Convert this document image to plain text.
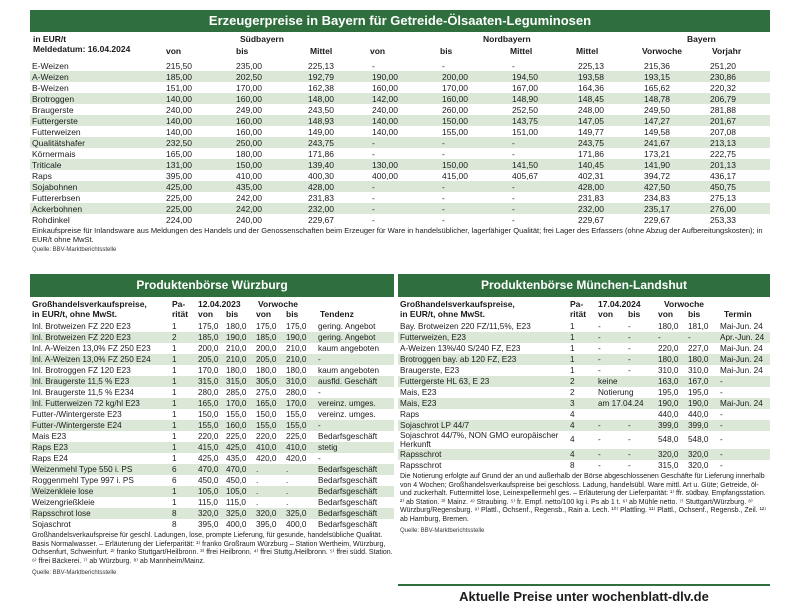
Erzeugerpreise in Bayern für Getreide-Ölsaaten-Leguminosen
in EUR/t
Meldedatum: 16.04.2024
Südbayern	Nordbayern	Bayern
von	bis	Mittel	von	bis	Mittel	Mittel	Vorwoche	Vorjahr
E-Weizen	215,50	235,00	225,13	-	-	-	225,13	215,36	251,20
A-Weizen	185,00	202,50	192,79	190,00	200,00	194,50	193,58	193,15	230,86
B-Weizen	151,00	170,00	162,38	160,00	170,00	167,00	164,36	165,62	220,32
Brotroggen	140,00	160,00	148,00	142,00	160,00	148,90	148,45	148,78	206,79
Braugerste	240,00	249,00	243,50	240,00	260,00	252,50	248,00	249,50	281,88
Futtergerste	140,00	160,00	148,93	140,00	150,00	143,75	147,05	147,27	201,67
Futterweizen	140,00	160,00	149,00	140,00	155,00	151,00	149,77	149,58	207,08
Qualitätshafer	232,50	250,00	243,75	-	-	-	243,75	241,67	213,13
Körnermais	165,00	180,00	171,86	-	-	-	171,86	173,21	222,75
Triticale	131,00	150,00	139,40	130,00	150,00	141,50	140,45	141,90	201,13
Raps	395,00	410,00	400,30	400,00	415,00	405,67	402,31	394,72	436,17
Sojabohnen	425,00	435,00	428,00	-	-	-	428,00	427,50	450,75
Futtererbsen	225,00	242,00	231,83	-	-	-	231,83	234,83	275,13
Ackerbohnen	225,00	242,00	232,00	-	-	-	232,00	235,17	276,00
Rohdinkel	224,00	240,00	229,67	-	-	-	229,67	229,67	253,33
Einkaufspreise für Inlandsware aus Meldungen des Handels und der Genossenschaften beim Erzeuger für Ware in handelsüblicher, lagerfähiger Qualität; frei Lager des Erfassers (ohne Abzug der Aufbereitungskosten); in EUR/t ohne MwSt.
Quelle: BBV-Marktberichtsstelle
Produktenbörse Würzburg
Großhandelsverkaufspreise,
in EUR/t, ohne MwSt.
Pa-
rität
12.04.2023 Vorwoche
von bis von bis	Tendenz
Inl. Brotweizen FZ 220 E23	1	175,0	180,0	175,0	175,0	gering. Angebot
Inl. Brotweizen FZ 220 E23	2	185,0	190,0	185,0	190,0	gering. Angebot
Inl. A-Weizen 13,0% FZ 250 E23	1	200,0	210,0	200,0	210,0	kaum angeboten
Inl. A-Weizen 13,0% FZ 250 E24	1	205,0	210,0	205,0	210,0	-
Inl. Brotroggen FZ 120 E23	1	170,0	180,0	180,0	180,0	kaum angeboten
Inl. Braugerste 11,5 % E23	1	315,0	315,0	305,0	310,0	ausfld. Geschäft
Inl. Braugerste 11,5 % E234	1	280,0	285,0	275,0	280,0	-
Inl. Futterweizen 72 kg/hl E23	1	165,0	170,0	165,0	170,0	vereinz. umges.
Futter-/Wintergerste E23	1	150,0	155,0	150,0	155,0	vereinz. umges.
Futter-/Wintergerste E24	1	155,0	160,0	155,0	155,0	-
Mais E23	1	220,0	225,0	220,0	225,0	Bedarfsgeschäft
Raps E23	1	415,0	425,0	410,0	410,0	stetig
Raps E24	1	425,0	435,0	420,0	420,0	-
Weizenmehl Type 550 i. PS	6	470,0	470,0	.	.	Bedarfsgeschäft
Roggenmehl Type 997 i. PS	6	450,0	450,0	.	.	Bedarfsgeschäft
Weizenkleie lose	1	105,0	105,0	.	.	Bedarfsgeschäft
Weizengrießkleie	1	115,0	115,0	.	.	Bedarfsgeschäft
Rapsschrot lose	8	320,0	325,0	320,0	325,0	Bedarfsgeschäft
Sojaschrot	8	395,0	400,0	395,0	400,0	Bedarfsgeschäft
Großhandelsverkaufspreise für geschl. Ladungen, lose, prompte Lieferung, für gesunde, handelsübliche Qualität. Basis Normalwasser. – Erläuterung der Lieferparität: ¹⁾ franko Großraum Würzburg – Station Wertheim, Würzburg, Ochsenfurt, Schweinfurt. ²⁾ franko Stuttgart/Heilbronn. ³⁾ ffrei Heilbronn. ⁴⁾ ffrei Stuttg./Heilbronn. ⁵⁾ ffrei südd. Station. ⁶⁾ ffrei Bäckerei. ⁷⁾ ab Würzburg. ⁸⁾ ab Mannheim/Mainz.
Quelle: BBV-Marktberichtsstelle
Produktenbörse München-Landshut
Großhandelsverkaufspreise,
in EUR/t, ohne MwSt.
Pa-
rität
17.04.2024	Vorwoche
von bis von bis	Termin
Bay. Brotweizen 220 FZ/11,5%, E23	1	-	-	180,0	181,0	Mai-Jun. 24
Futterweizen, E23	1	-	-	-	-	Apr.-Jun. 24
A-Weizen 13%/40 S/240 FZ, E23	1	-	-	220,0	227,0	Mai-Jun. 24
Brotroggen bay. ab 120 FZ, E23	1	-	-	180,0	180,0	Mai-Jun. 24
Braugerste, E23	1	-	-	310,0	310,0	Mai-Jun. 24
Futtergerste HL 63, E 23	2	keine		163,0	167,0	-
Mais, E23	2	Notierung		195,0	195,0	-
Mais, E23	3	am 17.04.24		190,0	190,0	Mai-Jun. 24
Raps	4			440,0	440,0	-
Sojaschrot LP 44/7	4	-	-	399,0	399,0	-
Sojaschrot 44/7%, NON GMO europäischer Herkunft	4	-	-	548,0	548,0	-
Rapsschrot	4	-	-	320,0	320,0	-
Rapsschrot	8	-	-	315,0	320,0	-
Die Notierung erfolgte auf Grund der an und außerhalb der Börse abgeschlossenen Geschäfte für Lieferung innerhalb von 4 Wochen; Großhandelsverkaufspreise bei geschloss. Ladung, handelsübl. Ware mittl. Art u. Güte; Getreide, öl- und zuckerhalt. Futtermittel lose, Leinexpellermehl ges. – Erläuterung der Lieferparität: ¹⁾ ffr. südbay. Empfangsstation. ²⁾ ab Station. ³⁾ Mainz. ⁴⁾ Straubing. ⁵⁾ fr. Empf. netto/100 kg i. Ps ab 1 t. ⁶⁾ ab Mühle netto. ⁷⁾ Stuttgart/Würzburg. ⁸⁾ Würzburg/Regensburg. ⁹⁾ Plattl., Ochsenf., Regensb., Rain a. Lech. ¹⁰⁾ Plattling. ¹¹⁾ Plattl., Ochsenf., Regensb., Zeil. ¹²⁾ ab Hamburg, Bremen.
Quelle: BBV-Marktberichtsstelle
Aktuelle Preise unter wochenblatt-dlv.de
